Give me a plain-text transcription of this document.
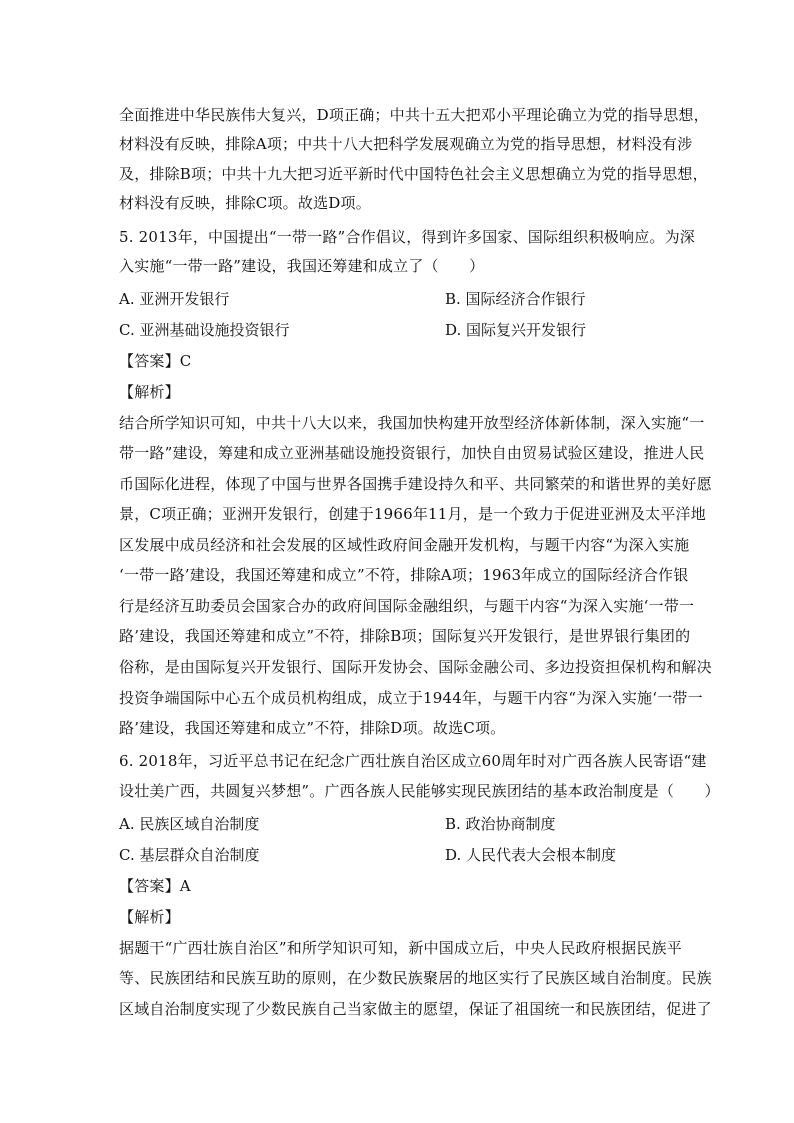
全面推进中华民族伟大复兴，D项正确；中共十五大把邓小平理论确立为党的指导思想，
材料没有反映，排除A项；中共十八大把科学发展观确立为党的指导思想，材料没有涉
及，排除B项；中共十九大把习近平新时代中国特色社会主义思想确立为党的指导思想，
材料没有反映，排除C项。故选D项。
5. 2013年，中国提出“一带一路”合作倡议，得到许多国家、国际组织积极响应。为深
入实施“一带一路”建设，我国还筹建和成立了（　　）
A. 亚洲开发银行	B. 国际经济合作银行
C. 亚洲基础设施投资银行	D. 国际复兴开发银行
【答案】C
【解析】
结合所学知识可知，中共十八大以来，我国加快构建开放型经济体新体制，深入实施“一
带一路”建设，筹建和成立亚洲基础设施投资银行，加快自由贸易试验区建设，推进人民
币国际化进程，体现了中国与世界各国携手建设持久和平、共同繁荣的和谐世界的美好愿
景，C项正确；亚洲开发银行，创建于1966年11月，是一个致力于促进亚洲及太平洋地
区发展中成员经济和社会发展的区域性政府间金融开发机构，与题干内容“为深入实施
‘一带一路’建设，我国还筹建和成立”不符，排除A项；1963年成立的国际经济合作银
行是经济互助委员会国家合办的政府间国际金融组织，与题干内容“为深入实施‘一带一
路’建设，我国还筹建和成立”不符，排除B项；国际复兴开发银行，是世界银行集团的
俗称，是由国际复兴开发银行、国际开发协会、国际金融公司、多边投资担保机构和解决
投资争端国际中心五个成员机构组成，成立于1944年，与题干内容“为深入实施‘一带一
路’建设，我国还筹建和成立”不符，排除D项。故选C项。
6. 2018年，习近平总书记在纪念广西壮族自治区成立60周年时对广西各族人民寄语“建
设壮美广西，共圆复兴梦想”。广西各族人民能够实现民族团结的基本政治制度是（　　）
A. 民族区域自治制度	B. 政治协商制度
C. 基层群众自治制度	D. 人民代表大会根本制度
【答案】A
【解析】
据题干“广西壮族自治区”和所学知识可知，新中国成立后，中央人民政府根据民族平
等、民族团结和民族互助的原则，在少数民族聚居的地区实行了民族区域自治制度。民族
区域自治制度实现了少数民族自己当家做主的愿望，保证了祖国统一和民族团结，促进了
